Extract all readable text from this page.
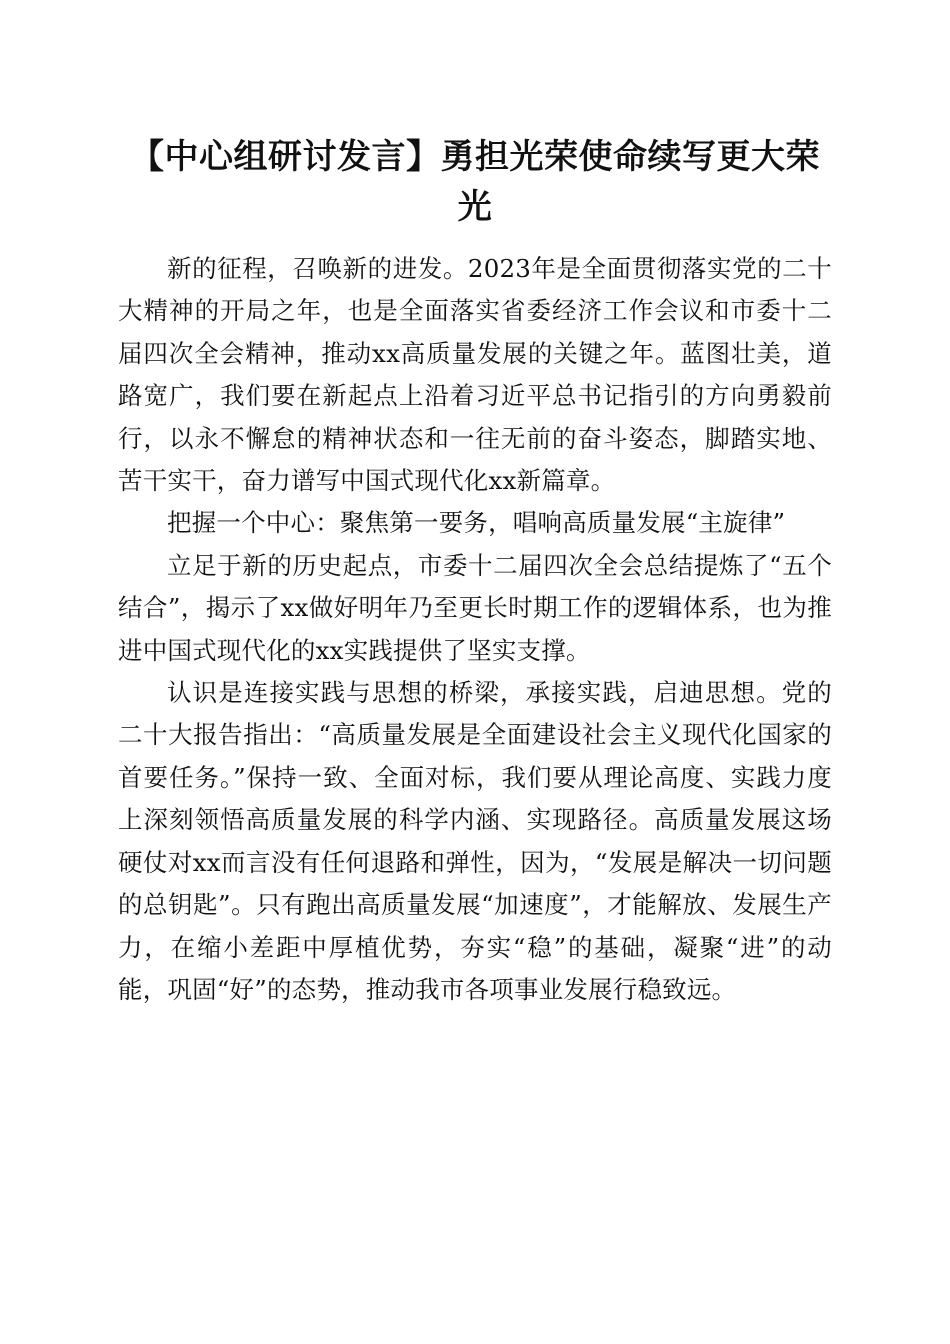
【中心组研讨发言】勇担光荣使命续写更大荣光

新的征程，召唤新的进发。2023年是全面贯彻落实党的二十大精神的开局之年，也是全面落实省委经济工作会议和市委十二届四次全会精神，推动xx高质量发展的关键之年。蓝图壮美，道路宽广，我们要在新起点上沿着习近平总书记指引的方向勇毅前行，以永不懈怠的精神状态和一往无前的奋斗姿态，脚踏实地、苦干实干，奋力谱写中国式现代化xx新篇章。

把握一个中心：聚焦第一要务，唱响高质量发展“主旋律”

立足于新的历史起点，市委十二届四次全会总结提炼了“五个结合”，揭示了xx做好明年乃至更长时期工作的逻辑体系，也为推进中国式现代化的xx实践提供了坚实支撑。

认识是连接实践与思想的桥梁，承接实践，启迪思想。党的二十大报告指出：“高质量发展是全面建设社会主义现代化国家的首要任务。”保持一致、全面对标，我们要从理论高度、实践力度上深刻领悟高质量发展的科学内涵、实现路径。高质量发展这场硬仗对xx而言没有任何退路和弹性，因为，“发展是解决一切问题的总钥匙”。只有跑出高质量发展“加速度”，才能解放、发展生产力，在缩小差距中厚植优势，夯实“稳”的基础，凝聚“进”的动能，巩固“好”的态势，推动我市各项事业发展行稳致远。
